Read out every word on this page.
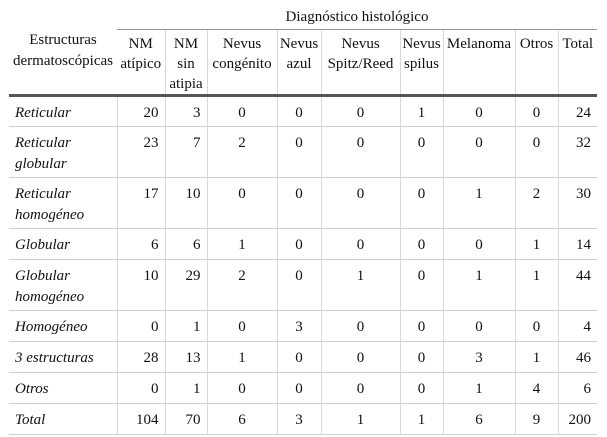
Estructuras dermatoscópicas	Diagnóstico histológico								
	NM atípico	NM sin atipia	Nevus congénito	Nevus azul	Nevus Spitz/Reed	Nevus spilus	Melanoma	Otros	Total
Reticular	20	3	0	0	0	1	0	0	24
Reticular globular	23	7	2	0	0	0	0	0	32
Reticular homogéneo	17	10	0	0	0	0	1	2	30
Globular	6	6	1	0	0	0	0	1	14
Globular homogéneo	10	29	2	0	1	0	1	1	44
Homogéneo	0	1	0	3	0	0	0	0	4
3 estructuras	28	13	1	0	0	0	3	1	46
Otros	0	1	0	0	0	0	1	4	6
Total	104	70	6	3	1	1	6	9	200
